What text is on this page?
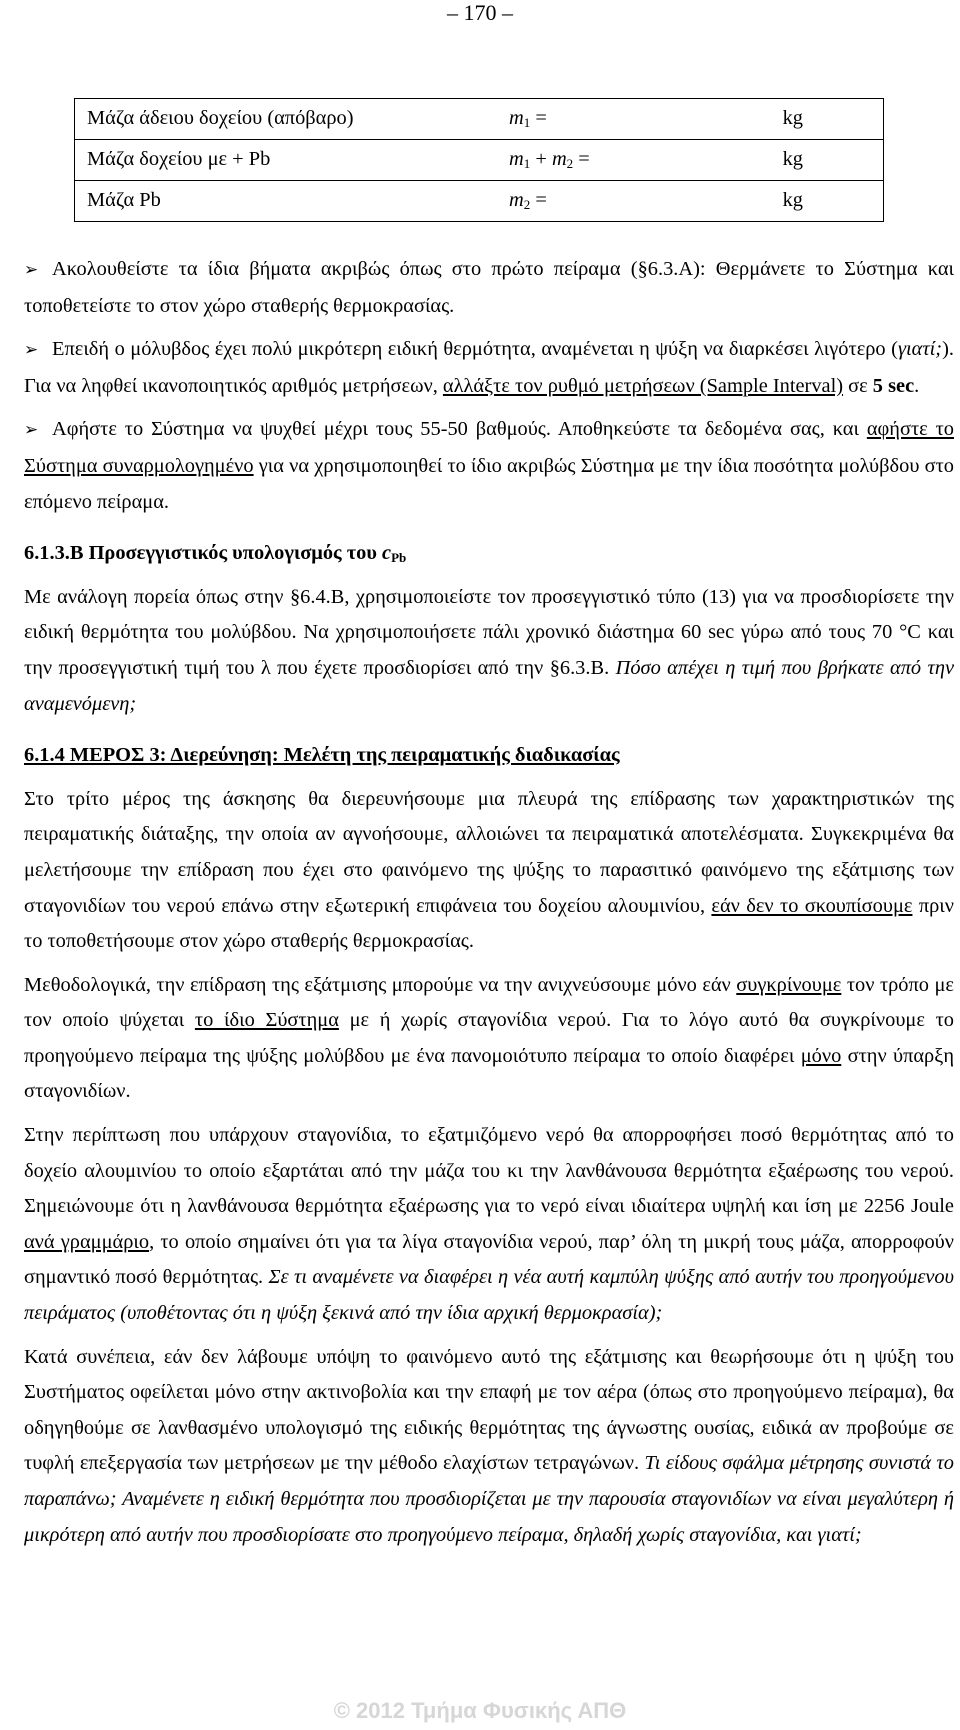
– 170 –
Μάζα άδειου δοχείου (απόβαρο)	$m_1$ =	kg
Μάζα δοχείου με + Pb	$m_1 + m_2$ =	kg
Μάζα Pb	$m_2$ =	kg

➢ Ακολουθείστε τα ίδια βήματα ακριβώς όπως στο πρώτο πείραμα (§6.3.Α): Θερμάνετε το Σύστημα και τοποθετείστε το στον χώρο σταθερής θερμοκρασίας.

➢ Επειδή ο μόλυβδος έχει πολύ μικρότερη ειδική θερμότητα, αναμένεται η ψύξη να διαρκέσει λιγότερο (γιατί;). Για να ληφθεί ικανοποιητικός αριθμός μετρήσεων, αλλάξτε τον ρυθμό μετρήσεων (Sample Interval) σε 5 sec.

➢ Αφήστε το Σύστημα να ψυχθεί μέχρι τους 55-50 βαθμούς. Αποθηκεύστε τα δεδομένα σας, και αφήστε το Σύστημα συναρμολογημένο για να χρησιμοποιηθεί το ίδιο ακριβώς Σύστημα με την ίδια ποσότητα μολύβδου στο επόμενο πείραμα.

6.1.3.Β Προσεγγιστικός υπολογισμός του $c_{Pb}$

Με ανάλογη πορεία όπως στην §6.4.Β, χρησιμοποιείστε τον προσεγγιστικό τύπο (13) για να προσδιορίσετε την ειδική θερμότητα του μολύβδου. Να χρησιμοποιήσετε πάλι χρονικό διάστημα 60 sec γύρω από τους 70 °C και την προσεγγιστική τιμή του λ που έχετε προσδιορίσει από την §6.3.Β. Πόσο απέχει η τιμή που βρήκατε από την αναμενόμενη;

6.1.4 ΜΕΡΟΣ 3: Διερεύνηση: Μελέτη της πειραματικής διαδικασίας

Στο τρίτο μέρος της άσκησης θα διερευνήσουμε μια πλευρά της επίδρασης των χαρακτηριστικών της πειραματικής διάταξης, την οποία αν αγνοήσουμε, αλλοιώνει τα πειραματικά αποτελέσματα. Συγκεκριμένα θα μελετήσουμε την επίδραση που έχει στο φαινόμενο της ψύξης το παρασιτικό φαινόμενο της εξάτμισης των σταγονιδίων του νερού επάνω στην εξωτερική επιφάνεια του δοχείου αλουμινίου, εάν δεν το σκουπίσουμε πριν το τοποθετήσουμε στον χώρο σταθερής θερμοκρασίας.

Μεθοδολογικά, την επίδραση της εξάτμισης μπορούμε να την ανιχνεύσουμε μόνο εάν συγκρίνουμε τον τρόπο με τον οποίο ψύχεται το ίδιο Σύστημα με ή χωρίς σταγονίδια νερού. Για το λόγο αυτό θα συγκρίνουμε το προηγούμενο πείραμα της ψύξης μολύβδου με ένα πανομοιότυπο πείραμα το οποίο διαφέρει μόνο στην ύπαρξη σταγονιδίων.

Στην περίπτωση που υπάρχουν σταγονίδια, το εξατμιζόμενο νερό θα απορροφήσει ποσό θερμότητας από το δοχείο αλουμινίου το οποίο εξαρτάται από την μάζα του κι την λανθάνουσα θερμότητα εξαέρωσης του νερού. Σημειώνουμε ότι η λανθάνουσα θερμότητα εξαέρωσης για το νερό είναι ιδιαίτερα υψηλή και ίση με 2256 Joule ανά γραμμάριο, το οποίο σημαίνει ότι για τα λίγα σταγονίδια νερού, παρ’ όλη τη μικρή τους μάζα, απορροφούν σημαντικό ποσό θερμότητας. Σε τι αναμένετε να διαφέρει η νέα αυτή καμπύλη ψύξης από αυτήν του προηγούμενου πειράματος (υποθέτοντας ότι η ψύξη ξεκινά από την ίδια αρχική θερμοκρασία);

Κατά συνέπεια, εάν δεν λάβουμε υπόψη το φαινόμενο αυτό της εξάτμισης και θεωρήσουμε ότι η ψύξη του Συστήματος οφείλεται μόνο στην ακτινοβολία και την επαφή με τον αέρα (όπως στο προηγούμενο πείραμα), θα οδηγηθούμε σε λανθασμένο υπολογισμό της ειδικής θερμότητας της άγνωστης ουσίας, ειδικά αν προβούμε σε τυφλή επεξεργασία των μετρήσεων με την μέθοδο ελαχίστων τετραγώνων. Τι είδους σφάλμα μέτρησης συνιστά το παραπάνω; Αναμένετε η ειδική θερμότητα που προσδιορίζεται με την παρουσία σταγονιδίων να είναι μεγαλύτερη ή μικρότερη από αυτήν που προσδιορίσατε στο προηγούμενο πείραμα, δηλαδή χωρίς σταγονίδια, και γιατί;

© 2012 Τμήμα Φυσικής ΑΠΘ
